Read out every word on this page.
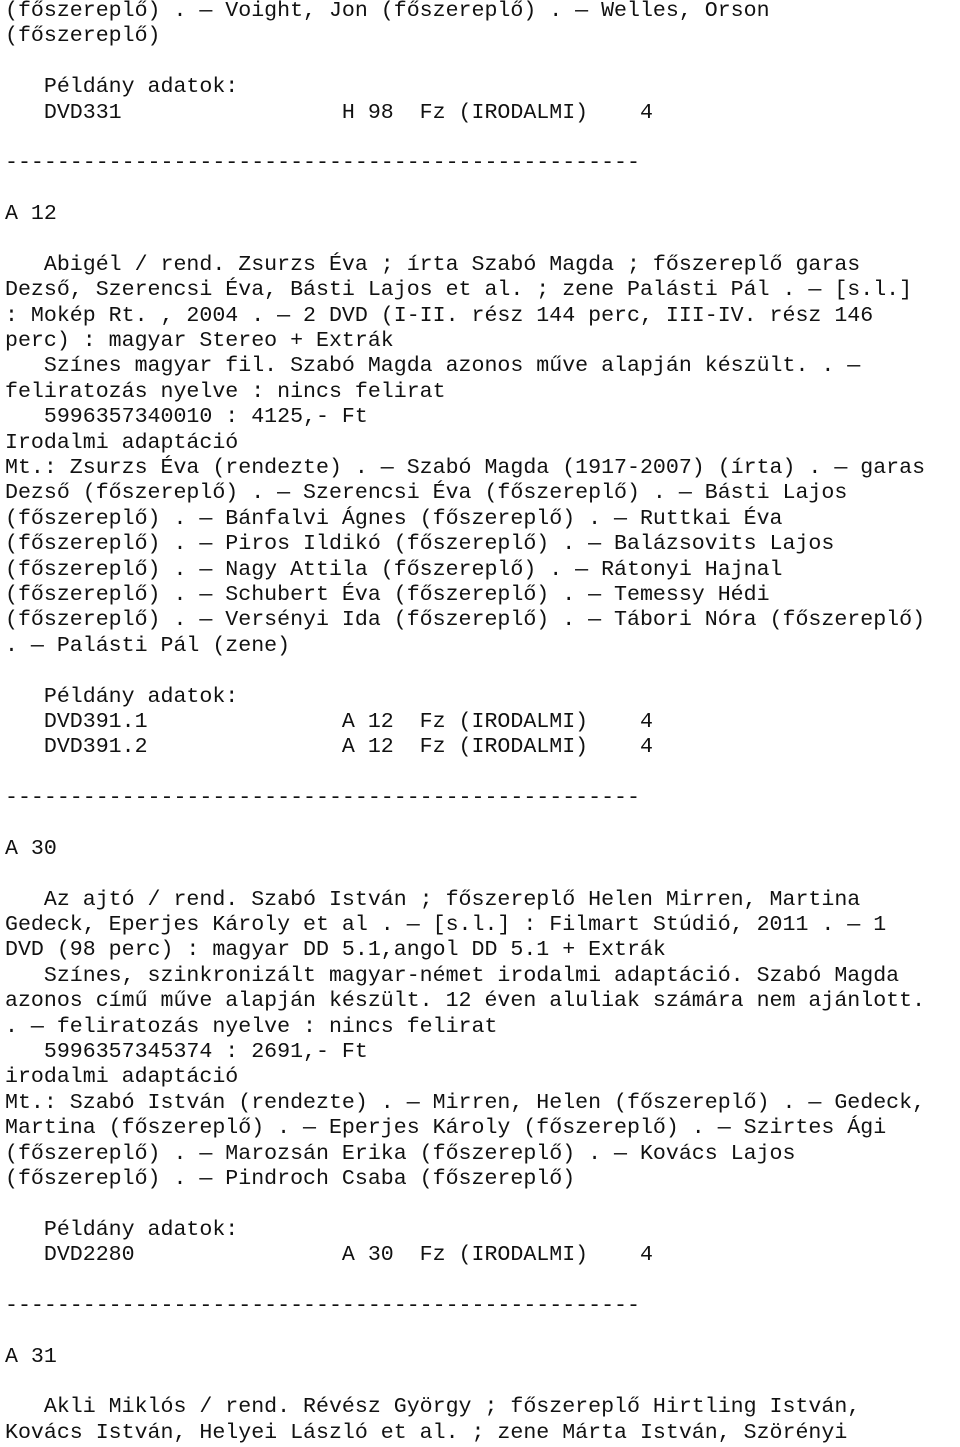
(főszereplő) . — Voight, Jon (főszereplő) . — Welles, Orson
(főszereplő)
Példány adatok:
DVD331                 H 98  Fz (IRODALMI)    4
-------------------------------------------------
A 12
Abigél / rend. Zsurzs Éva ; írta Szabó Magda ; főszereplő garas
Dezső, Szerencsi Éva, Básti Lajos et al. ; zene Palásti Pál . — [s.l.]
: Mokép Rt. , 2004 . — 2 DVD (I-II. rész 144 perc, III-IV. rész 146
perc) : magyar Stereo + Extrák
Színes magyar fil. Szabó Magda azonos műve alapján készült. . —
feliratozás nyelve : nincs felirat
5996357340010 : 4125,- Ft
Irodalmi adaptáció
Mt.: Zsurzs Éva (rendezte) . — Szabó Magda (1917-2007) (írta) . — garas
Dezső (főszereplő) . — Szerencsi Éva (főszereplő) . — Básti Lajos
(főszereplő) . — Bánfalvi Ágnes (főszereplő) . — Ruttkai Éva
(főszereplő) . — Piros Ildikó (főszereplő) . — Balázsovits Lajos
(főszereplő) . — Nagy Attila (főszereplő) . — Rátonyi Hajnal
(főszereplő) . — Schubert Éva (főszereplő) . — Temessy Hédi
(főszereplő) . — Versényi Ida (főszereplő) . — Tábori Nóra (főszereplő)
. — Palásti Pál (zene)
Példány adatok:
DVD391.1               A 12  Fz (IRODALMI)    4
DVD391.2               A 12  Fz (IRODALMI)    4
-------------------------------------------------
A 30
Az ajtó / rend. Szabó István ; főszereplő Helen Mirren, Martina
Gedeck, Eperjes Károly et al . — [s.l.] : Filmart Stúdió, 2011 . — 1
DVD (98 perc) : magyar DD 5.1,angol DD 5.1 + Extrák
Színes, szinkronizált magyar-német irodalmi adaptáció. Szabó Magda
azonos című műve alapján készült. 12 éven aluliak számára nem ajánlott.
. — feliratozás nyelve : nincs felirat
5996357345374 : 2691,- Ft
irodalmi adaptáció
Mt.: Szabó István (rendezte) . — Mirren, Helen (főszereplő) . — Gedeck,
Martina (főszereplő) . — Eperjes Károly (főszereplő) . — Szirtes Ági
(főszereplő) . — Marozsán Erika (főszereplő) . — Kovács Lajos
(főszereplő) . — Pindroch Csaba (főszereplő)
Példány adatok:
DVD2280                A 30  Fz (IRODALMI)    4
-------------------------------------------------
A 31
Akli Miklós / rend. Révész György ; főszereplő Hirtling István,
Kovács István, Helyei László et al. ; zene Márta István, Szörényi
